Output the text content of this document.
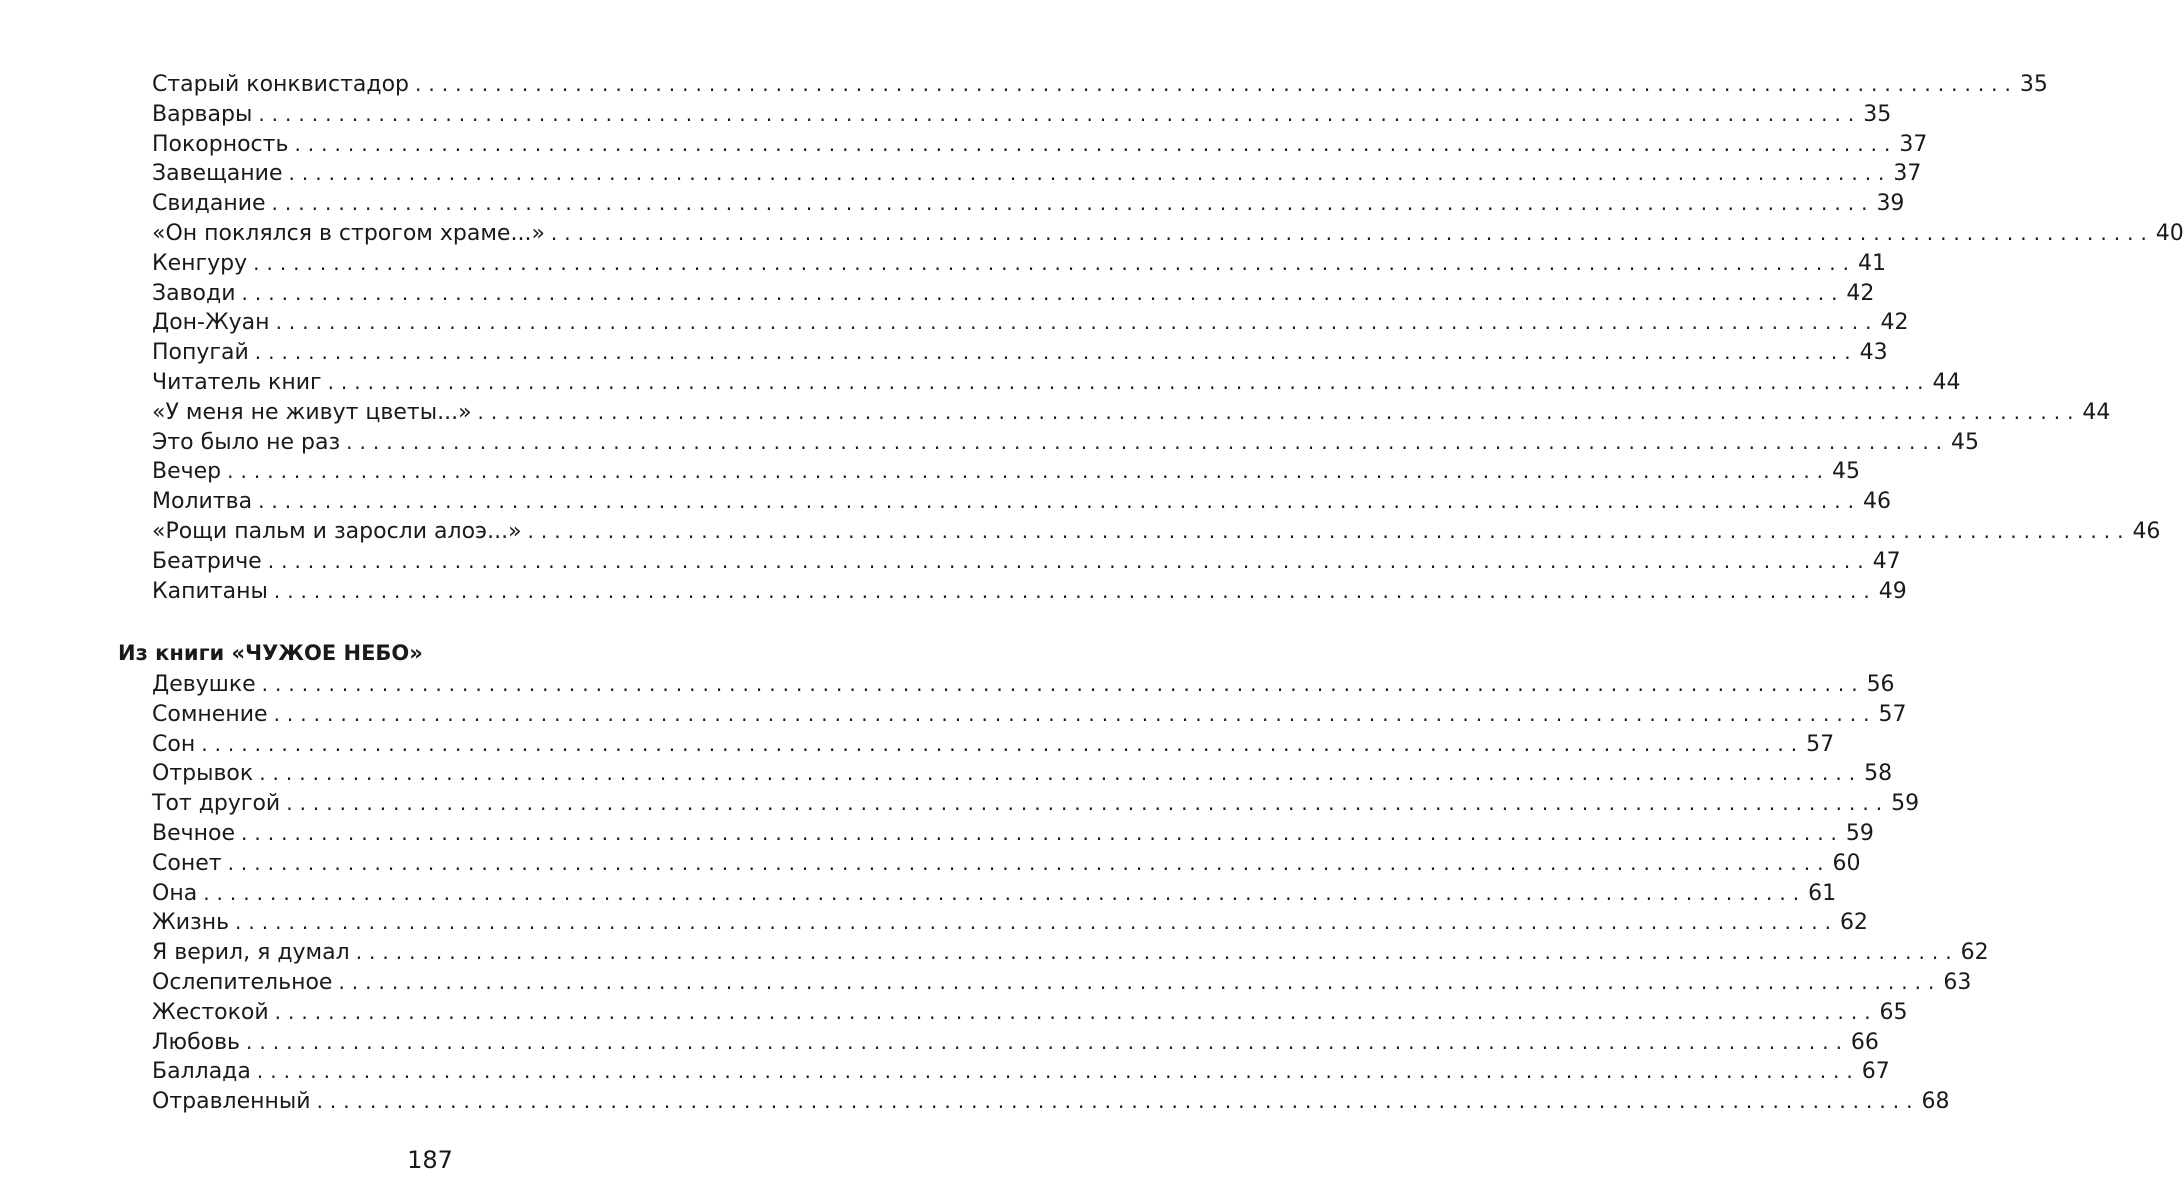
Старый конквистадор ........................................................................................................................ 35
Варвары ........................................................................................................................ 35
Покорность ........................................................................................................................ 37
Завещание ........................................................................................................................ 37
Свидание ........................................................................................................................ 39
«Он поклялся в строгом храме...» ........................................................................................................................ 40
Кенгуру ........................................................................................................................ 41
Заводи ........................................................................................................................ 42
Дон-Жуан ........................................................................................................................ 42
Попугай ........................................................................................................................ 43
Читатель книг ........................................................................................................................ 44
«У меня не живут цветы...» ........................................................................................................................ 44
Это было не раз ........................................................................................................................ 45
Вечер ........................................................................................................................ 45
Молитва ........................................................................................................................ 46
«Рощи пальм и заросли алоэ...» ........................................................................................................................ 46
Беатриче ........................................................................................................................ 47
Капитаны ........................................................................................................................ 49
Из книги «ЧУЖОЕ НЕБО»
Девушке ........................................................................................................................ 56
Сомнение ........................................................................................................................ 57
Сон ........................................................................................................................ 57
Отрывок ........................................................................................................................ 58
Тот другой ........................................................................................................................ 59
Вечное ........................................................................................................................ 59
Сонет ........................................................................................................................ 60
Она ........................................................................................................................ 61
Жизнь ........................................................................................................................ 62
Я верил, я думал ........................................................................................................................ 62
Ослепительное ........................................................................................................................ 63
Жестокой ........................................................................................................................ 65
Любовь ........................................................................................................................ 66
Баллада ........................................................................................................................ 67
Отравленный ........................................................................................................................ 68
187
